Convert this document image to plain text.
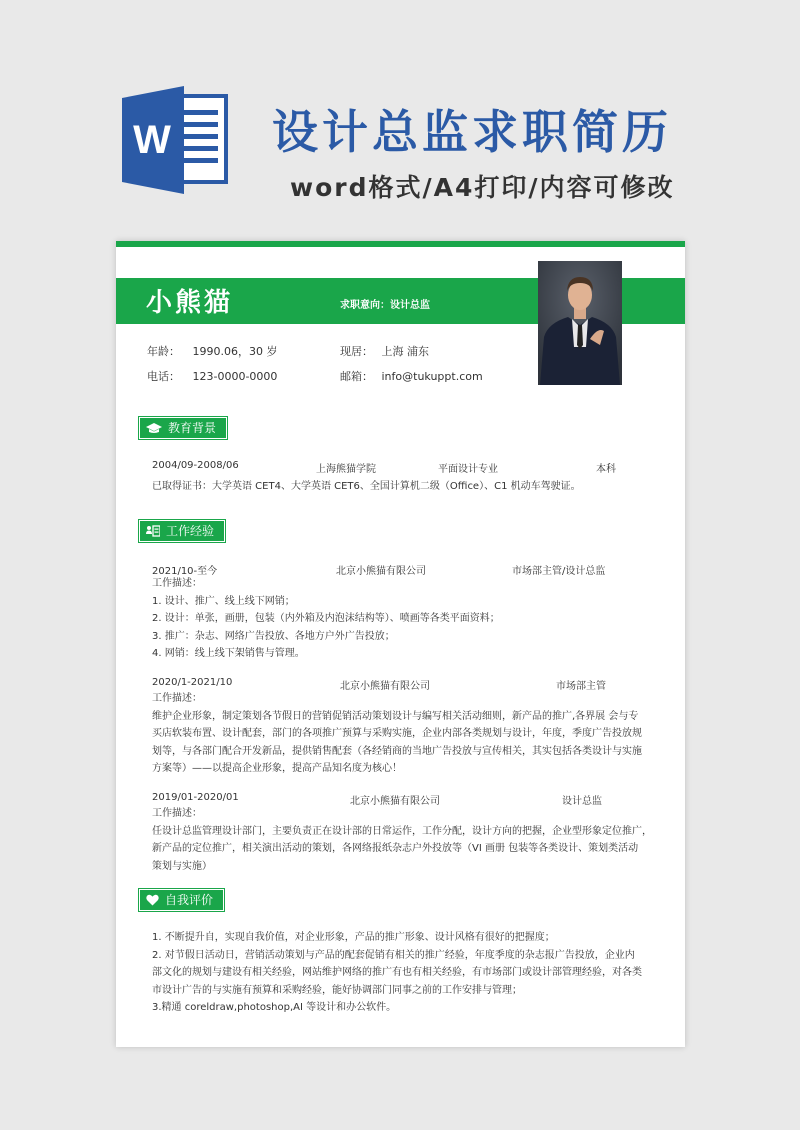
W 设计总监求职简历
word格式/A4打印/内容可修改
小熊猫	求职意向：设计总监
年龄： 1990.06，30 岁	现居： 上海 浦东
电话： 123-0000-0000	邮箱： info@tukuppt.com
教育背景
2004/09-2008/06	上海熊猫学院	平面设计专业	本科
已取得证书：大学英语 CET4、大学英语 CET6、全国计算机二级（Office）、C1 机动车驾驶证。
工作经验
2021/10-至今	北京小熊猫有限公司	市场部主管/设计总监
工作描述：
1. 设计、推广、线上线下网销；
2. 设计：单张，画册，包装（内外箱及内泡沫结构等）、喷画等各类平面资料；
3. 推广：杂志、网络广告投放、各地方户外广告投放；
4. 网销：线上线下架销售与管理。
2020/1-2021/10	北京小熊猫有限公司	市场部主管
工作描述：
维护企业形象，制定策划各节假日的营销促销活动策划设计与编写相关活动细则，新产品的推广,各界展 会与专
买店软装布置、设计配套，部门的各项推广预算与采购实施，企业内部各类规划与设计，年度，季度广告投放规
划等，与各部门配合开发新品，提供销售配套（各经销商的当地广告投放与宣传相关，其实包括各类设计与实施
方案等）——以提高企业形象，提高产品知名度为核心！
2019/01-2020/01	北京小熊猫有限公司	设计总监
工作描述：
任设计总监管理设计部门，主要负责正在设计部的日常运作，工作分配，设计方向的把握，企业型形象定位推广，
新产品的定位推广，相关演出活动的策划，各网络报纸杂志户外投放等（VI 画册 包装等各类设计、策划类活动
策划与实施）
自我评价
1. 不断提升自，实现自我价值，对企业形象，产品的推广形象、设计风格有很好的把握度；
2. 对节假日活动日，营销活动策划与产品的配套促销有相关的推广经验，年度季度的杂志报广告投放，企业内
部文化的规划与建设有相关经验，网站维护网络的推广有也有相关经验，有市场部门或设计部管理经验，对各类
市设计广告的与实施有预算和采购经验，能好协调部门同事之前的工作安排与管理；
3.精通 coreldraw,photoshop,AI 等设计和办公软件。
